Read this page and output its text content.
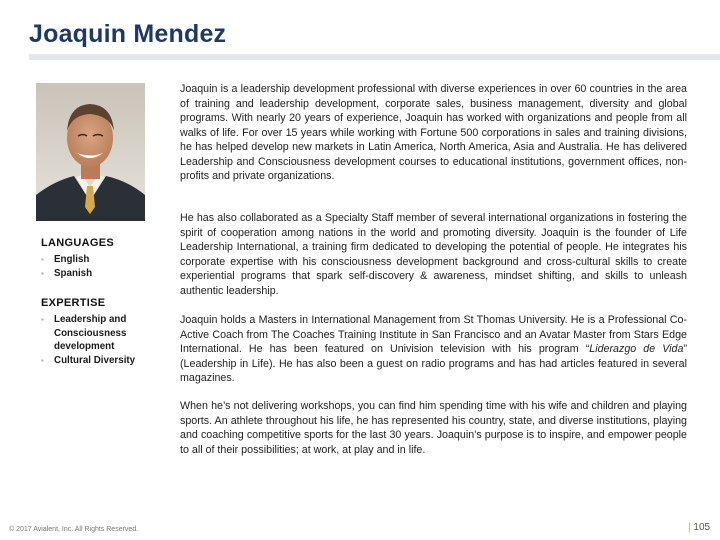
Joaquin Mendez
LANGUAGES
▪ English
▪ Spanish
EXPERTISE
▪ Leadership and Consciousness development
▪ Cultural Diversity

Joaquin is a leadership development professional with diverse experiences in over 60 countries in the area of training and leadership development, corporate sales, business management, diversity and global programs. With nearly 20 years of experience, Joaquin has worked with organizations and people from all walks of life. For over 15 years while working with Fortune 500 corporations in sales and training divisions, he has helped develop new markets in Latin America, North America, Asia and Australia. He has delivered Leadership and Consciousness development courses to educational institutions, government offices, non-profits and private organizations.

He has also collaborated as a Specialty Staff member of several international organizations in fostering the spirit of cooperation among nations in the world and promoting diversity. Joaquin is the founder of Life Leadership International, a training firm dedicated to developing the potential of people. He integrates his corporate expertise with his consciousness development background and cross-cultural skills to create experiential programs that spark self-discovery & awareness, mindset shifting, and skills to unleash authentic leadership.

Joaquin holds a Masters in International Management from St Thomas University. He is a Professional Co-Active Coach from The Coaches Training Institute in San Francisco and an Avatar Master from Stars Edge International. He has been featured on Univision television with his program “Liderazgo de Vida” (Leadership in Life). He has also been a guest on radio programs and has had articles featured in several magazines.

When he’s not delivering workshops, you can find him spending time with his wife and children and playing sports. An athlete throughout his life, he has represented his country, state, and diverse institutions, playing and coaching competitive sports for the last 30 years. Joaquin’s purpose is to inspire, and empower people to all of their possibilities; at work, at play and in life.

© 2017 Avialent, Inc. All Rights Reserved.	| 105
